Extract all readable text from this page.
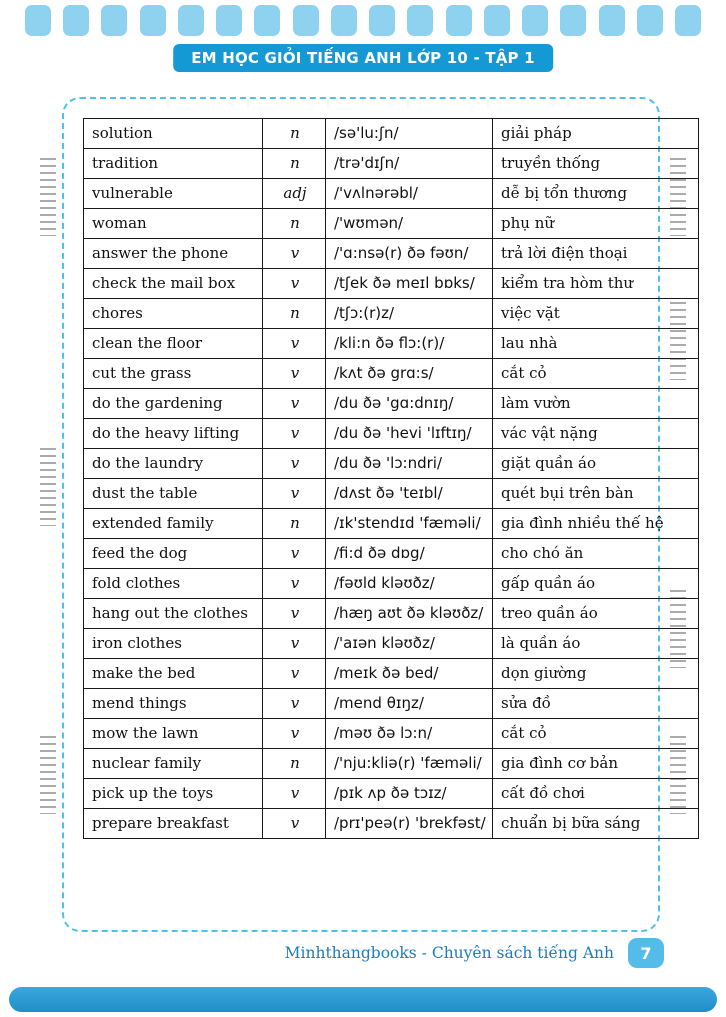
EM HỌC GIỎI TIẾNG ANH LỚP 10 - TẬP 1
solution	n	/sə'lu:ʃn/	giải pháp
tradition	n	/trə'dɪʃn/	truyền thống
vulnerable	adj	/'vʌlnərəbl/	dễ bị tổn thương
woman	n	/'wʊmən/	phụ nữ
answer the phone	v	/'ɑ:nsə(r) ðə fəʊn/	trả lời điện thoại
check the mail box	v	/tʃek ðə meɪl bɒks/	kiểm tra hòm thư
chores	n	/tʃɔ:(r)z/	việc vặt
clean the floor	v	/kli:n ðə flɔ:(r)/	lau nhà
cut the grass	v	/kʌt ðə grɑ:s/	cắt cỏ
do the gardening	v	/du ðə 'gɑ:dnɪŋ/	làm vườn
do the heavy lifting	v	/du ðə 'hevi 'lɪftɪŋ/	vác vật nặng
do the laundry	v	/du ðə 'lɔ:ndri/	giặt quần áo
dust the table	v	/dʌst ðə 'teɪbl/	quét bụi trên bàn
extended family	n	/ɪk'stendɪd 'fæməli/	gia đình nhiều thế hệ
feed the dog	v	/fi:d ðə dɒg/	cho chó ăn
fold clothes	v	/fəʊld kləʊðz/	gấp quần áo
hang out the clothes	v	/hæŋ aʊt ðə kləʊðz/	treo quần áo
iron clothes	v	/'aɪən kləʊðz/	là quần áo
make the bed	v	/meɪk ðə bed/	dọn giường
mend things	v	/mend θɪŋz/	sửa đồ
mow the lawn	v	/məʊ ðə lɔ:n/	cắt cỏ
nuclear family	n	/'nju:kliə(r) 'fæməli/	gia đình cơ bản
pick up the toys	v	/pɪk ʌp ðə tɔɪz/	cất đồ chơi
prepare breakfast	v	/prɪ'peə(r) 'brekfəst/	chuẩn bị bữa sáng
Minhthangbooks - Chuyên sách tiếng Anh	7
